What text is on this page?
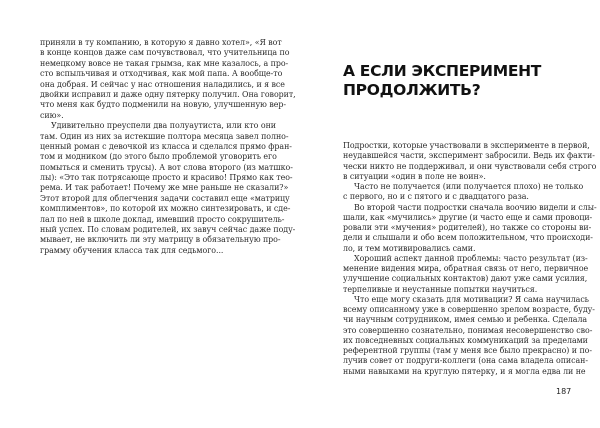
приняли в ту компанию, в которую я давно хотел», «Я вот
в конце концов даже сам почувствовал, что учительница по
немецкому вовсе не такая грымза, как мне казалось, а про-
сто вспыльчивая и отходчивая, как мой папа. А вообще-то
она добрая. И сейчас у нас отношения наладились, и я все
двойки исправил и даже одну пятерку получил. Она говорит,
что меня как будто подменили на новую, улучшенную вер-
сию».
Удивительно преуспели два полуаутиста, или кто они
там. Один из них за истекшие полтора месяца завел полно-
ценный роман с девочкой из класса и сделался прямо фран-
том и модником (до этого было проблемой уговорить его
помыться и сменить трусы). А вот слова второго (из матшко-
лы): «Это так потрясающе просто и красиво! Прямо как тео-
рема. И так работает! Почему же мне раньше не сказали?»
Этот второй для облегчения задачи составил еще «матрицу
комплиментов», по которой их можно синтезировать, и сде-
лал по ней в школе доклад, имевший просто сокрушитель-
ный успех. По словам родителей, их завуч сейчас даже поду-
мывает, не включить ли эту матрицу в обязательную про-
грамму обучения класса так для седьмого...
А ЕСЛИ ЭКСПЕРИМЕНТ
ПРОДОЛЖИТЬ?
Подростки, которые участвовали в эксперименте в первой,
неудавшейся части, эксперимент забросили. Ведь их факти-
чески никто не поддерживал, и они чувствовали себя строго
в ситуации «один в поле не воин».
Часто не получается (или получается плохо) не только
с первого, но и с пятого и с двадцатого раза.
Во второй части подростки сначала воочию видели и слы-
шали, как «мучились» другие (и часто еще и сами провоци-
ровали эти «мучения» родителей), но также со стороны ви-
дели и слышали и обо всем положительном, что происходи-
ло, и тем мотивировались сами.
Хороший аспект данной проблемы: часто результат (из-
менение видения мира, обратная связь от него, первичное
улучшение социальных контактов) дают уже сами усилия,
терпеливые и неустанные попытки научиться.
Что еще могу сказать для мотивации? Я сама научилась
всему описанному уже в совершенно зрелом возрасте, буду-
чи научным сотрудником, имея семью и ребенка. Сделала
это совершенно сознательно, понимая несовершенство сво-
их повседневных социальных коммуникаций за пределами
референтной группы (там у меня все было прекрасно) и по-
лучив совет от подруги-коллеги (она сама владела описан-
ными навыками на круглую пятерку, и я могла едва ли не
187
